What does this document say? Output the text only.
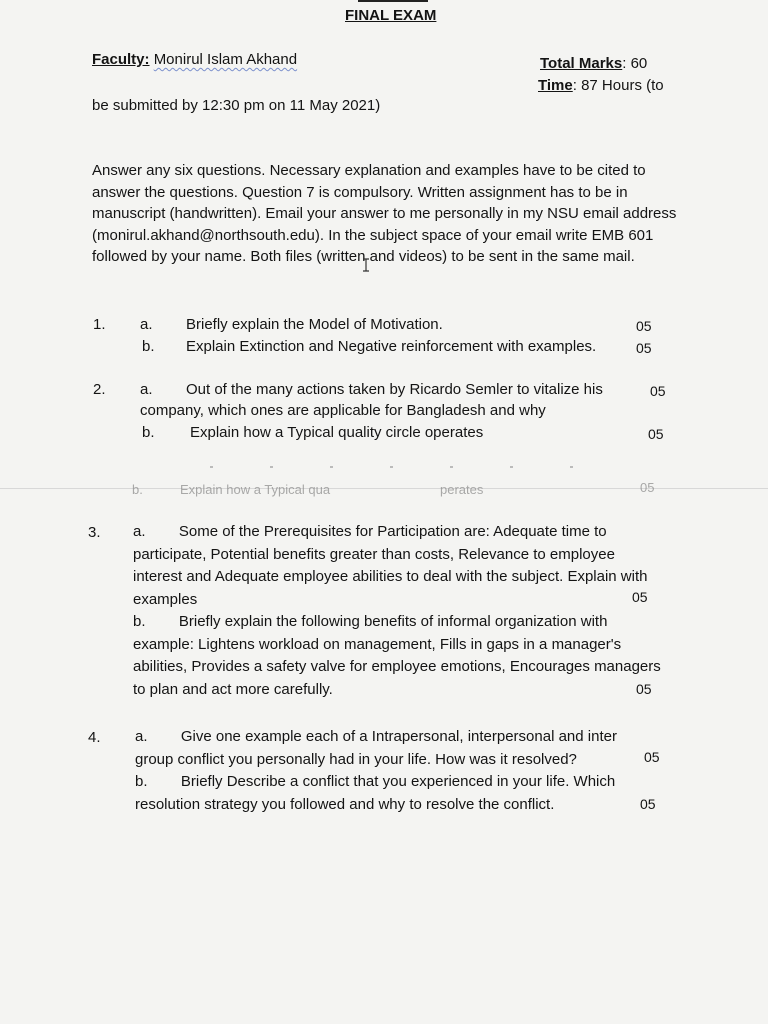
FINAL EXAM
Faculty: Monirul Islam Akhand	Total Marks: 60
Time: 87 Hours (to
be submitted by 12:30 pm on 11 May 2021)
Answer any six questions. Necessary explanation and examples have to be cited to answer the questions. Question 7 is compulsory. Written assignment has to be in manuscript (handwritten). Email your answer to me personally in my NSU email address (monirul.akhand@northsouth.edu). In the subject space of your email write EMB 601 followed by your name. Both files (written and videos) to be sent in the same mail.
1.	a. Briefly explain the Model of Motivation.	05
b. Explain Extinction and Negative reinforcement with examples.	05
2.	a. Out of the many actions taken by Ricardo Semler to vitalize his	05
company, which ones are applicable for Bangladesh and why
b. Explain how a Typical quality circle operates	05
b.	Explain how a Typical qua	perates	05
3.	a. Some of the Prerequisites for Participation are: Adequate time to participate, Potential benefits greater than costs, Relevance to employee interest and Adequate employee abilities to deal with the subject. Explain with examples	05
b. Briefly explain the following benefits of informal organization with example: Lightens workload on management, Fills in gaps in a manager's abilities, Provides a safety valve for employee emotions, Encourages managers to plan and act more carefully.	05
4.	a. Give one example each of a Intrapersonal, interpersonal and inter group conflict you personally had in your life. How was it resolved?	05
b. Briefly Describe a conflict that you experienced in your life. Which resolution strategy you followed and why to resolve the conflict.	05
